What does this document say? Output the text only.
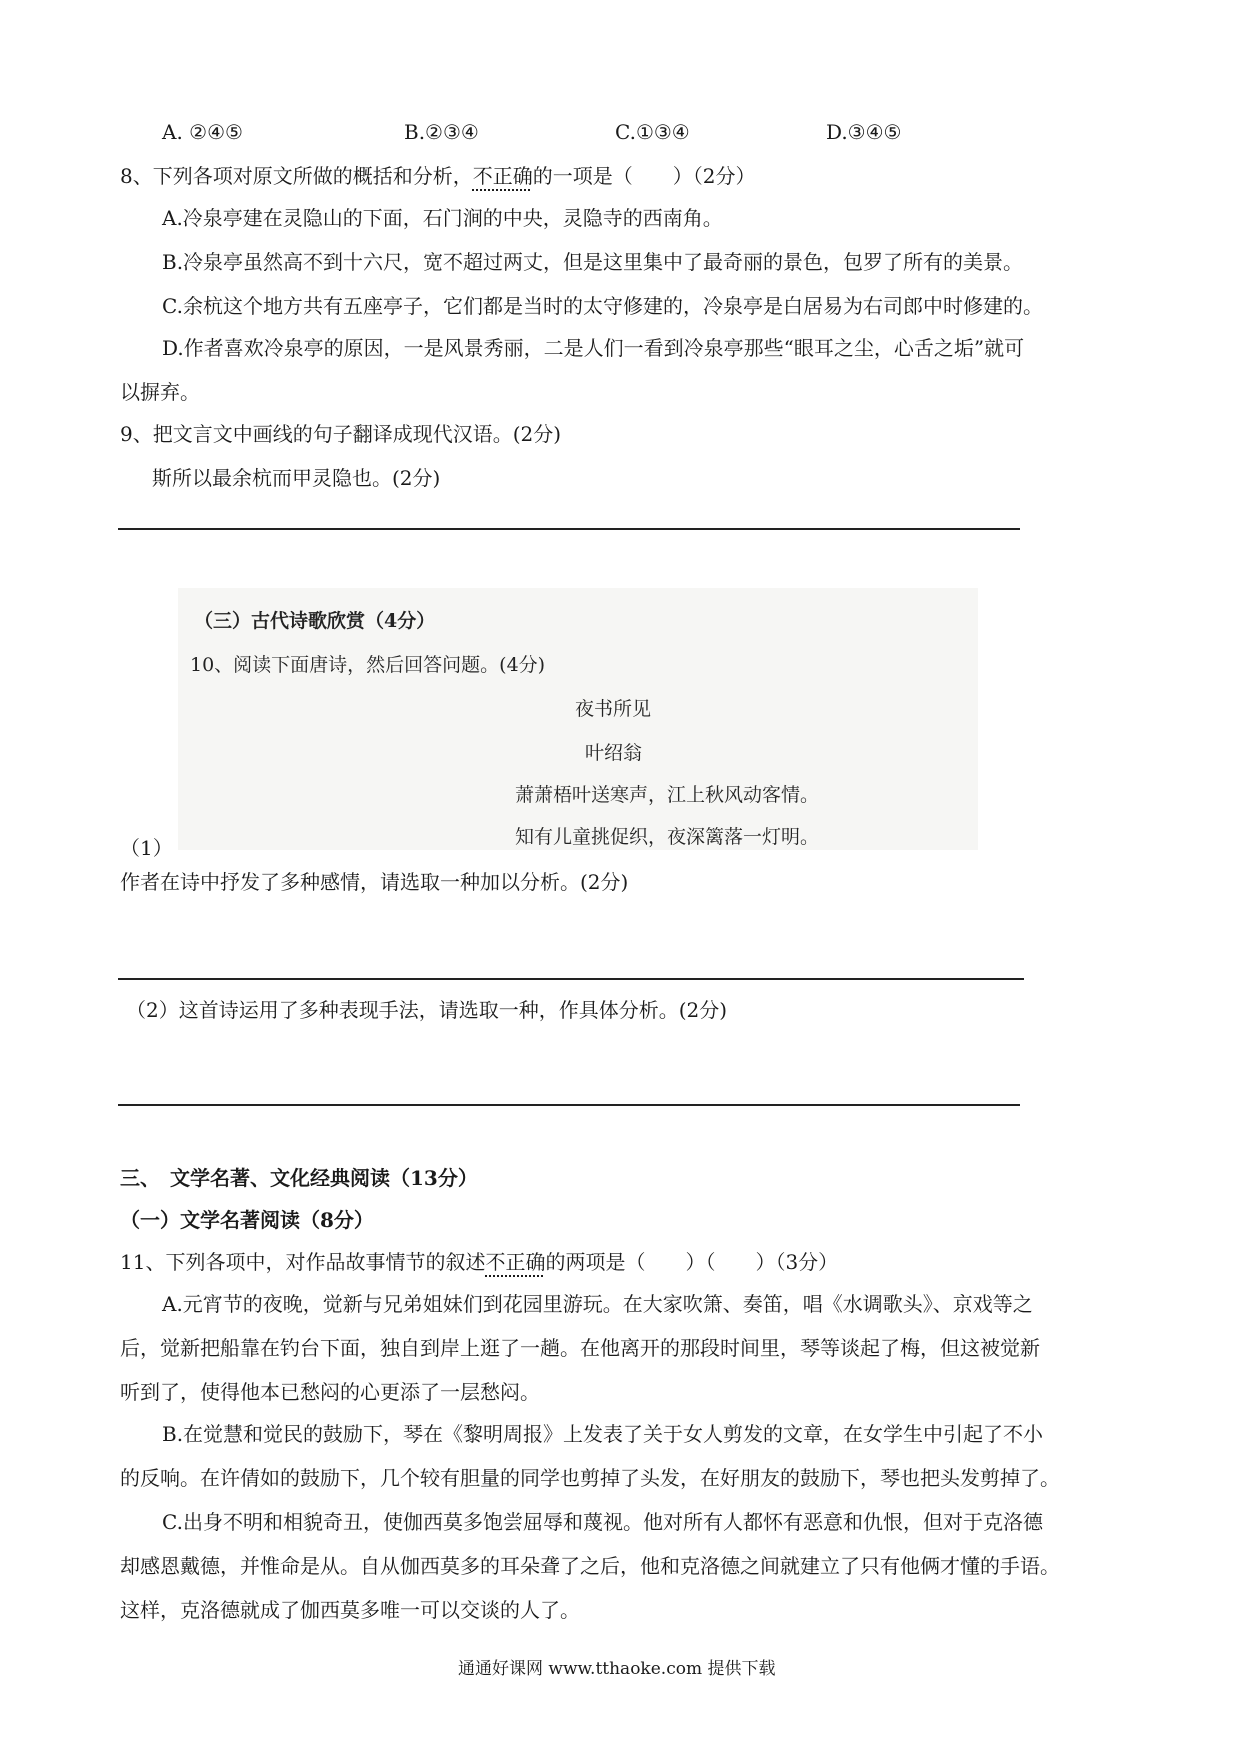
A. ②④⑤	B.②③④	C.①③④	D.③④⑤
8、下列各项对原文所做的概括和分析，不正确的一项是（　　）（2分）
A.冷泉亭建在灵隐山的下面，石门涧的中央，灵隐寺的西南角。
B.冷泉亭虽然高不到十六尺，宽不超过两丈，但是这里集中了最奇丽的景色，包罗了所有的美景。
C.余杭这个地方共有五座亭子，它们都是当时的太守修建的，冷泉亭是白居易为右司郎中时修建的。
D.作者喜欢冷泉亭的原因，一是风景秀丽，二是人们一看到冷泉亭那些“眼耳之尘，心舌之垢”就可
以摒弃。
9、把文言文中画线的句子翻译成现代汉语。(2分)
斯所以最余杭而甲灵隐也。(2分)
（三）古代诗歌欣赏（4分）
10、阅读下面唐诗，然后回答问题。(4分)
夜书所见
叶绍翁
萧萧梧叶送寒声，江上秋风动客情。
知有儿童挑促织，夜深篱落一灯明。
（1）
作者在诗中抒发了多种感情，请选取一种加以分析。(2分)
（2）这首诗运用了多种表现手法，请选取一种，作具体分析。(2分)
三、　文学名著、文化经典阅读（13分）
（一）文学名著阅读（8分）
11、下列各项中，对作品故事情节的叙述不正确的两项是（　　）（　　）（3分）
A.元宵节的夜晚，觉新与兄弟姐妹们到花园里游玩。在大家吹箫、奏笛，唱《水调歌头》、京戏等之
后，觉新把船靠在钓台下面，独自到岸上逛了一趟。在他离开的那段时间里，琴等谈起了梅，但这被觉新
听到了，使得他本已愁闷的心更添了一层愁闷。
B.在觉慧和觉民的鼓励下，琴在《黎明周报》上发表了关于女人剪发的文章，在女学生中引起了不小
的反响。在许倩如的鼓励下，几个较有胆量的同学也剪掉了头发，在好朋友的鼓励下，琴也把头发剪掉了。
C.出身不明和相貌奇丑，使伽西莫多饱尝屈辱和蔑视。他对所有人都怀有恶意和仇恨，但对于克洛德
却感恩戴德，并惟命是从。自从伽西莫多的耳朵聋了之后，他和克洛德之间就建立了只有他俩才懂的手语。
这样，克洛德就成了伽西莫多唯一可以交谈的人了。
通通好课网 www.tthaoke.com 提供下载
